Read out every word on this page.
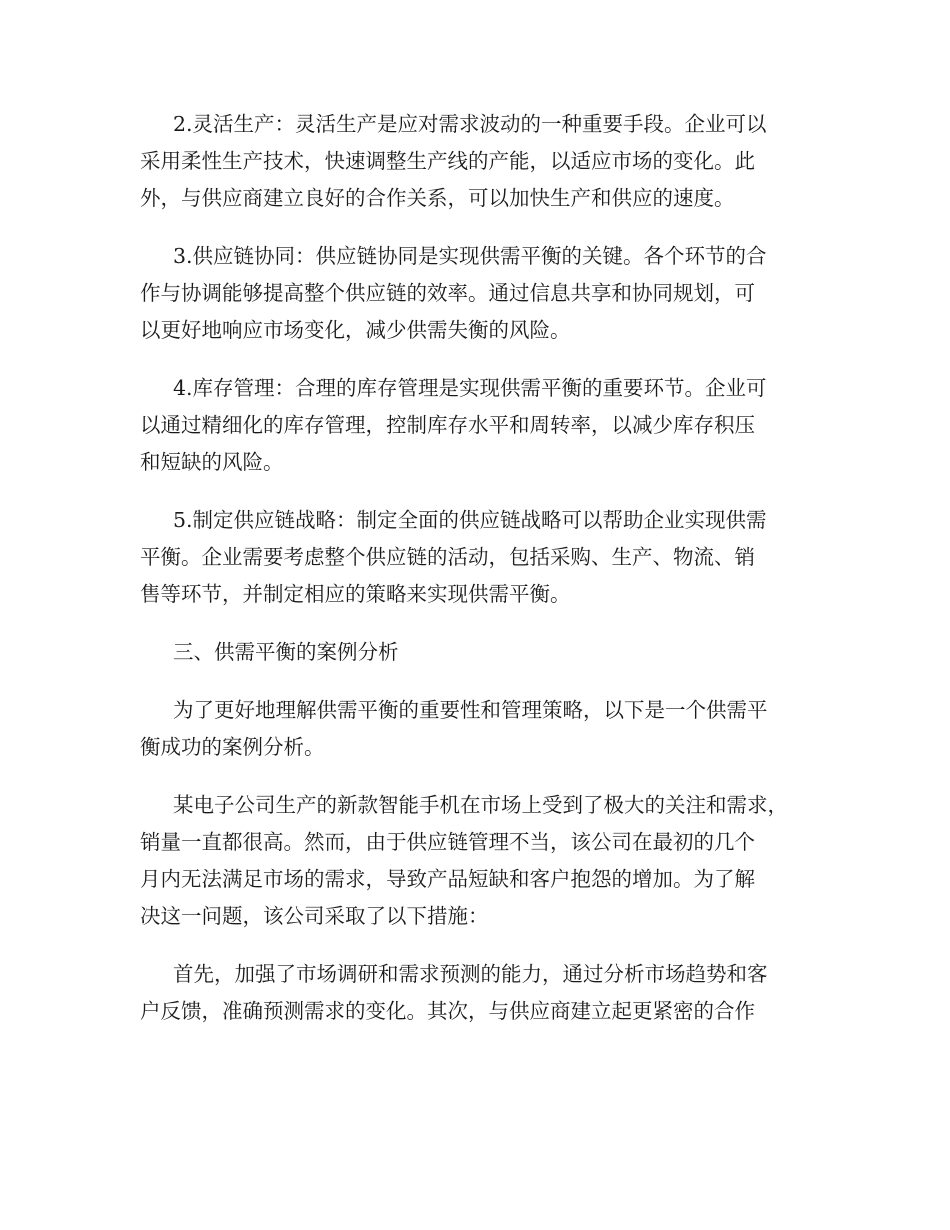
2.灵活生产：灵活生产是应对需求波动的一种重要手段。企业可以
采用柔性生产技术，快速调整生产线的产能，以适应市场的变化。此
外，与供应商建立良好的合作关系，可以加快生产和供应的速度。
3.供应链协同：供应链协同是实现供需平衡的关键。各个环节的合
作与协调能够提高整个供应链的效率。通过信息共享和协同规划，可
以更好地响应市场变化，减少供需失衡的风险。
4.库存管理：合理的库存管理是实现供需平衡的重要环节。企业可
以通过精细化的库存管理，控制库存水平和周转率，以减少库存积压
和短缺的风险。
5.制定供应链战略：制定全面的供应链战略可以帮助企业实现供需
平衡。企业需要考虑整个供应链的活动，包括采购、生产、物流、销
售等环节，并制定相应的策略来实现供需平衡。
三、供需平衡的案例分析
为了更好地理解供需平衡的重要性和管理策略，以下是一个供需平
衡成功的案例分析。
某电子公司生产的新款智能手机在市场上受到了极大的关注和需求，
销量一直都很高。然而，由于供应链管理不当，该公司在最初的几个
月内无法满足市场的需求，导致产品短缺和客户抱怨的增加。为了解
决这一问题，该公司采取了以下措施：
首先，加强了市场调研和需求预测的能力，通过分析市场趋势和客
户反馈，准确预测需求的变化。其次，与供应商建立起更紧密的合作
